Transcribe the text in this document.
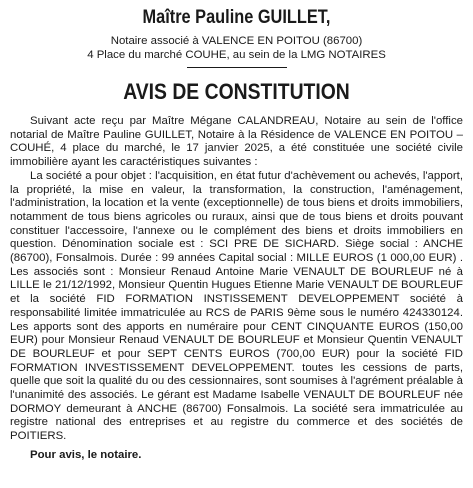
Maître Pauline GUILLET,
Notaire associé à VALENCE EN POITOU (86700)
4 Place du marché COUHE, au sein de la LMG NOTAIRES
AVIS DE CONSTITUTION

Suivant acte reçu par Maître Mégane CALANDREAU, Notaire au sein de l'office notarial de Maître Pauline GUILLET, Notaire à la Résidence de VALENCE EN POITOU – COUHÉ, 4 place du marché, le 17 janvier 2025, a été constituée une société civile immobilière ayant les caractéristiques suivantes :

La société a pour objet : l'acquisition, en état futur d'achèvement ou achevés, l'apport, la propriété, la mise en valeur, la transformation, la construction, l'aménagement, l'administration, la location et la vente (exceptionnelle) de tous biens et droits immobiliers, notamment de tous biens agricoles ou ruraux, ainsi que de tous biens et droits pouvant constituer l'accessoire, l'annexe ou le complément des biens et droits immobiliers en question. Dénomination sociale est : SCI PRE DE SICHARD. Siège social : ANCHE (86700), Fonsalmois. Durée : 99 années Capital social : MILLE EUROS (1 000,00 EUR) . Les associés sont : Monsieur Renaud Antoine Marie VENAULT DE BOURLEUF né à LILLE le 21/12/1992, Monsieur Quentin Hugues Etienne Marie VENAULT DE BOURLEUF et la société FID FORMATION INSTISSEMENT DEVELOPPEMENT société à responsabilité limitée immatriculée au RCS de PARIS 9ème sous le numéro 424330124. Les apports sont des apports en numéraire pour CENT CINQUANTE EUROS (150,00 EUR) pour Monsieur Renaud VENAULT DE BOURLEUF et Monsieur Quentin VENAULT DE BOURLEUF et pour SEPT CENTS EUROS (700,00 EUR) pour la société FID FORMATION INVESTISSEMENT DEVELOPPEMENT. toutes les cessions de parts, quelle que soit la qualité du ou des cessionnaires, sont soumises à l'agrément préalable à l'unanimité des associés. Le gérant est Madame Isabelle VENAULT DE BOURLEUF née DORMOY demeurant à ANCHE (86700) Fonsalmois. La société sera immatriculée au registre national des entreprises et au registre du commerce et des sociétés de POITIERS.

Pour avis, le notaire.
